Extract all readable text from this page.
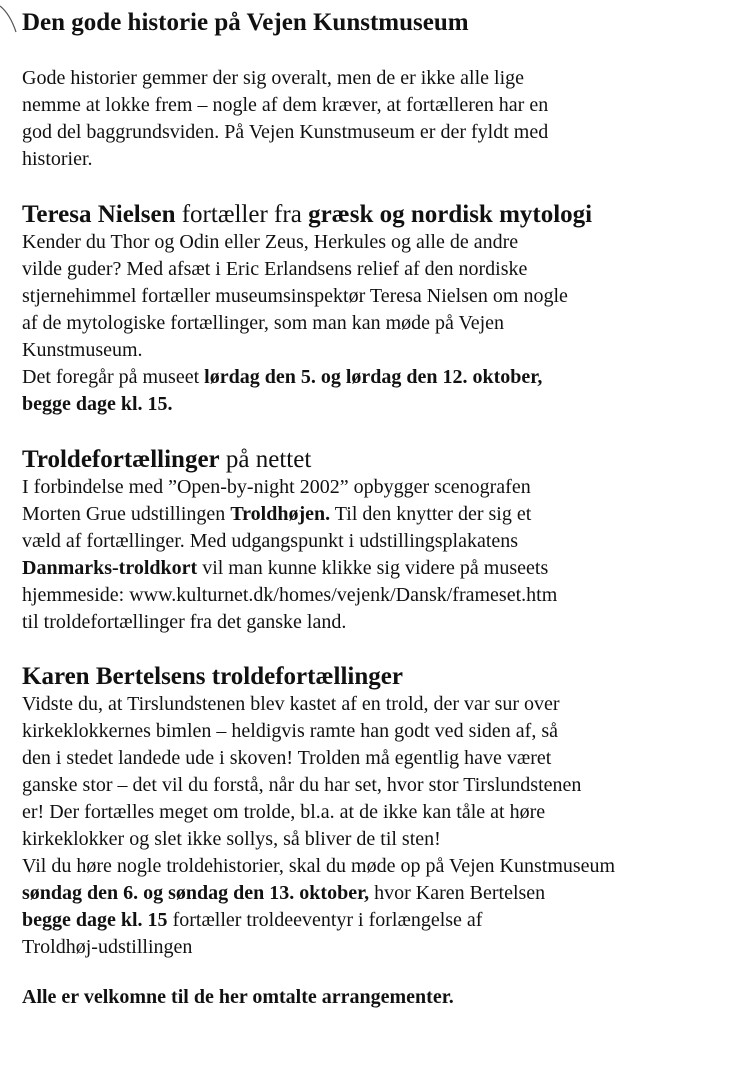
Den gode historie på Vejen Kunstmuseum

Gode historier gemmer der sig overalt, men de er ikke alle lige
nemme at lokke frem – nogle af dem kræver, at fortælleren har en
god del baggrundsviden. På Vejen Kunstmuseum er der fyldt med
historier.

Teresa Nielsen fortæller fra græsk og nordisk mytologi

Kender du Thor og Odin eller Zeus, Herkules og alle de andre
vilde guder? Med afsæt i Eric Erlandsens relief af den nordiske
stjernehimmel fortæller museumsinspektør Teresa Nielsen om nogle
af de mytologiske fortællinger, som man kan møde på Vejen
Kunstmuseum.
Det foregår på museet lørdag den 5. og lørdag den 12. oktober,
begge dage kl. 15.

Troldefortællinger på nettet

I forbindelse med ”Open-by-night 2002” opbygger scenografen
Morten Grue udstillingen Troldhøjen. Til den knytter der sig et
væld af fortællinger. Med udgangspunkt i udstillingsplakatens
Danmarks-troldkort vil man kunne klikke sig videre på museets
hjemmeside: www.kulturnet.dk/homes/vejenk/Dansk/frameset.htm
til troldefortællinger fra det ganske land.

Karen Bertelsens troldefortællinger

Vidste du, at Tirslundstenen blev kastet af en trold, der var sur over
kirkeklokkernes bimlen – heldigvis ramte han godt ved siden af, så
den i stedet landede ude i skoven! Trolden må egentlig have været
ganske stor – det vil du forstå, når du har set, hvor stor Tirslundstenen
er! Der fortælles meget om trolde, bl.a. at de ikke kan tåle at høre
kirkeklokker og slet ikke sollys, så bliver de til sten!
Vil du høre nogle troldehistorier, skal du møde op på Vejen Kunstmuseum
søndag den 6. og søndag den 13. oktober, hvor Karen Bertelsen
begge dage kl. 15 fortæller troldeeventyr i forlængelse af
Troldhøj-udstillingen

Alle er velkomne til de her omtalte arrangementer.
